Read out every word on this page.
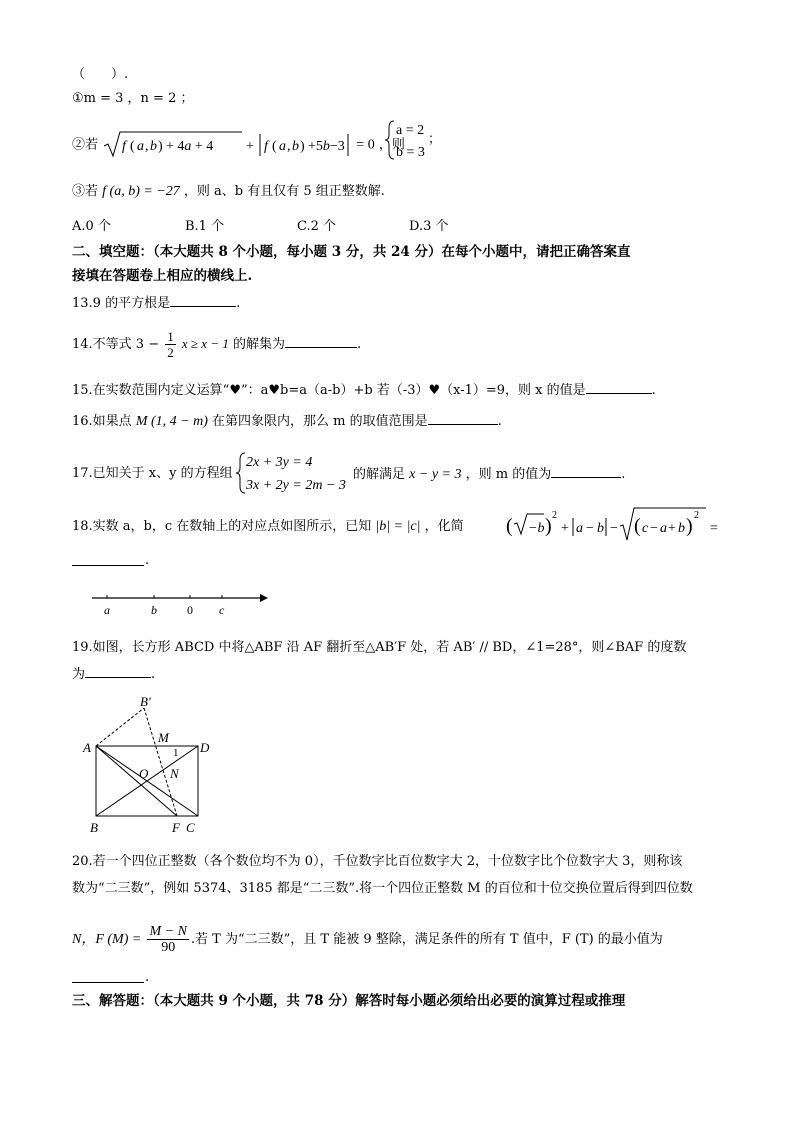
（　　）.
①m = 3 ，n = 2 ；
②若 f ( a , b ) + 4a + 4 + f ( a , b ) +5b−3 = 0 ，则
a = 2
b = 3
；
③若 f (a, b) = −27 ，则 a、b 有且仅有 5 组正整数解.
A.0 个	B.1 个	C.2 个	D.3 个
二、填空题：（本大题共 8 个小题，每小题 3 分，共 24 分）在每个小题中，请把正确答案直
接填在答题卷上相应的横线上.
13.9 的平方根是	.
14.不等式 $3 - \frac{1}{2}$ x ≥ x − 1 的解集为	.
15.在实数范围内定义运算“♥”：a♥b=a（a-b）+b 若（-3）♥（x-1）=9，则 x 的值是	.
16.如果点 M (1, 4 − m) 在第四象限内，那么 m 的取值范围是	.
17.已知关于 x、y 的方程组
2x + 3y = 4
3x + 2y = 2m − 3
的解满足 x − y = 3 ，则 m 的值为	.
18.实数 a，b，c 在数轴上的对应点如图所示，已知 |b| = |c| ，化简 ( −b ) 2
+ a − b − ( c − a + b ) 2
=
.
a	b	0 c
19.如图，长方形 ABCD 中将△ABF 沿 AF 翻折至△AB′F 处，若 AB′ // BD，∠1=28°，则∠BAF 的度数
为	.
B′
M
A	D
1
O N
B	F C
20.若一个四位正整数（各个数位均不为 0），千位数字比百位数字大 2，十位数字比个位数字大 3，则称该
数为“二三数”，例如 5374、3185 都是“二三数”.将一个四位正整数 M 的百位和十位交换位置后得到四位数
N，F $(M) = \frac{M - N}{90}$ .若 T 为“二三数”，且 T 能被 9 整除，满足条件的所有 T 值中，F (T) 的最小值为
.
三、解答题：（本大题共 9 个小题，共 78 分）解答时每小题必须给出必要的演算过程或推理
